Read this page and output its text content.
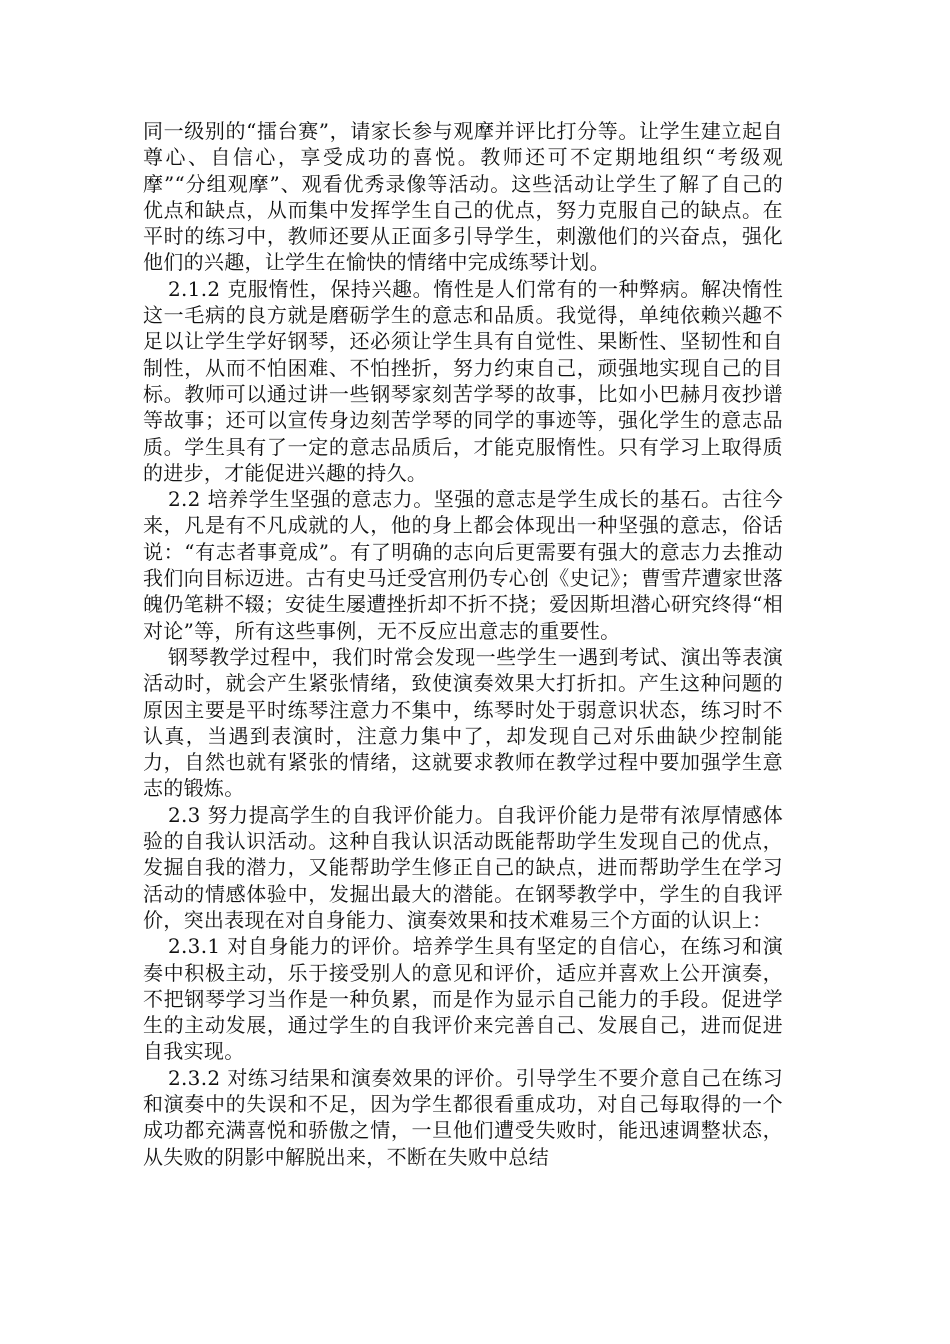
同一级别的“擂台赛”，请家长参与观摩并评比打分等。让学生建立起自尊心、自信心，享受成功的喜悦。教师还可不定期地组织“考级观摩”“分组观摩”、观看优秀录像等活动。这些活动让学生了解了自己的优点和缺点，从而集中发挥学生自己的优点，努力克服自己的缺点。在平时的练习中，教师还要从正面多引导学生，刺激他们的兴奋点，强化他们的兴趣，让学生在愉快的情绪中完成练琴计划。

2.1.2 克服惰性，保持兴趣。惰性是人们常有的一种弊病。解决惰性这一毛病的良方就是磨砺学生的意志和品质。我觉得，单纯依赖兴趣不足以让学生学好钢琴，还必须让学生具有自觉性、果断性、坚韧性和自制性，从而不怕困难、不怕挫折，努力约束自己，顽强地实现自己的目标。教师可以通过讲一些钢琴家刻苦学琴的故事，比如小巴赫月夜抄谱等故事；还可以宣传身边刻苦学琴的同学的事迹等，强化学生的意志品质。学生具有了一定的意志品质后，才能克服惰性。只有学习上取得质的进步，才能促进兴趣的持久。

2.2 培养学生坚强的意志力。坚强的意志是学生成长的基石。古往今来，凡是有不凡成就的人，他的身上都会体现出一种坚强的意志，俗话说：“有志者事竟成”。有了明确的志向后更需要有强大的意志力去推动我们向目标迈进。古有史马迁受宫刑仍专心创《史记》；曹雪芹遭家世落魄仍笔耕不辍；安徒生屡遭挫折却不折不挠；爱因斯坦潜心研究终得“相对论”等，所有这些事例，无不反应出意志的重要性。

钢琴教学过程中，我们时常会发现一些学生一遇到考试、演出等表演活动时，就会产生紧张情绪，致使演奏效果大打折扣。产生这种问题的原因主要是平时练琴注意力不集中，练琴时处于弱意识状态，练习时不认真，当遇到表演时，注意力集中了，却发现自己对乐曲缺少控制能力，自然也就有紧张的情绪，这就要求教师在教学过程中要加强学生意志的锻炼。

2.3 努力提高学生的自我评价能力。自我评价能力是带有浓厚情感体验的自我认识活动。这种自我认识活动既能帮助学生发现自己的优点，发掘自我的潜力，又能帮助学生修正自己的缺点，进而帮助学生在学习活动的情感体验中，发掘出最大的潜能。在钢琴教学中，学生的自我评价，突出表现在对自身能力、演奏效果和技术难易三个方面的认识上：

2.3.1 对自身能力的评价。培养学生具有坚定的自信心，在练习和演奏中积极主动，乐于接受别人的意见和评价，适应并喜欢上公开演奏，不把钢琴学习当作是一种负累，而是作为显示自己能力的手段。促进学生的主动发展，通过学生的自我评价来完善自己、发展自己，进而促进自我实现。

2.3.2 对练习结果和演奏效果的评价。引导学生不要介意自己在练习和演奏中的失误和不足，因为学生都很看重成功，对自己每取得的一个成功都充满喜悦和骄傲之情，一旦他们遭受失败时，能迅速调整状态，从失败的阴影中解脱出来，不断在失败中总结
